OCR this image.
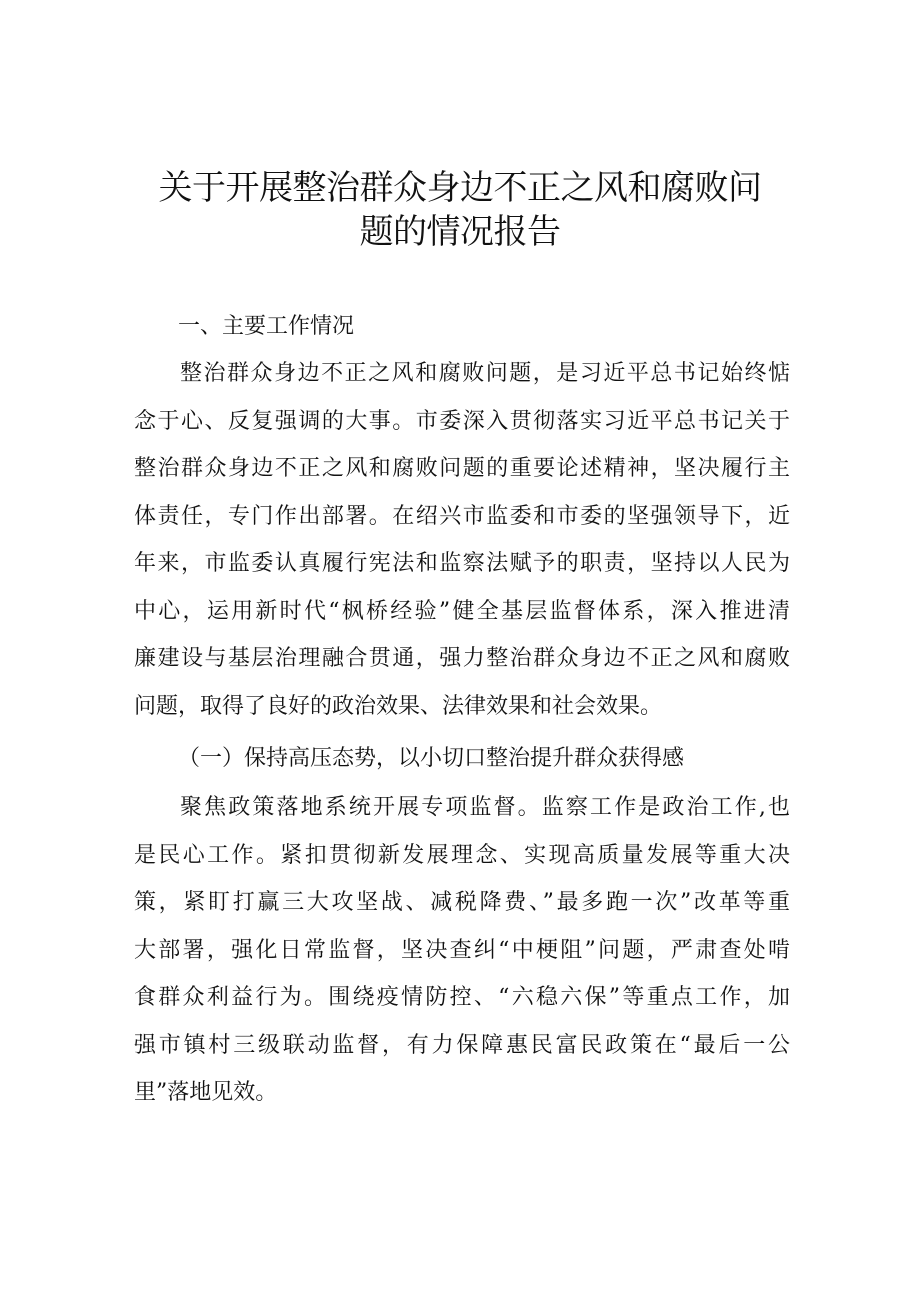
关于开展整治群众身边不正之风和腐败问
题的情况报告
一、主要工作情况
整治群众身边不正之风和腐败问题，是习近平总书记始终惦
念于心、反复强调的大事。市委深入贯彻落实习近平总书记关于
整治群众身边不正之风和腐败问题的重要论述精神，坚决履行主
体责任，专门作出部署。在绍兴市监委和市委的坚强领导下，近
年来，市监委认真履行宪法和监察法赋予的职责，坚持以人民为
中心，运用新时代“枫桥经验”健全基层监督体系，深入推进清
廉建设与基层治理融合贯通，强力整治群众身边不正之风和腐败
问题，取得了良好的政治效果、法律效果和社会效果。
（一）保持高压态势，以小切口整治提升群众获得感
聚焦政策落地系统开展专项监督。监察工作是政治工作,也
是民心工作。紧扣贯彻新发展理念、实现高质量发展等重大决
策，紧盯打赢三大攻坚战、减税降费、”最多跑一次”改革等重
大部署，强化日常监督，坚决查纠“中梗阻”问题，严肃查处啃
食群众利益行为。围绕疫情防控、“六稳六保”等重点工作，加
强市镇村三级联动监督，有力保障惠民富民政策在“最后一公
里”落地见效。
